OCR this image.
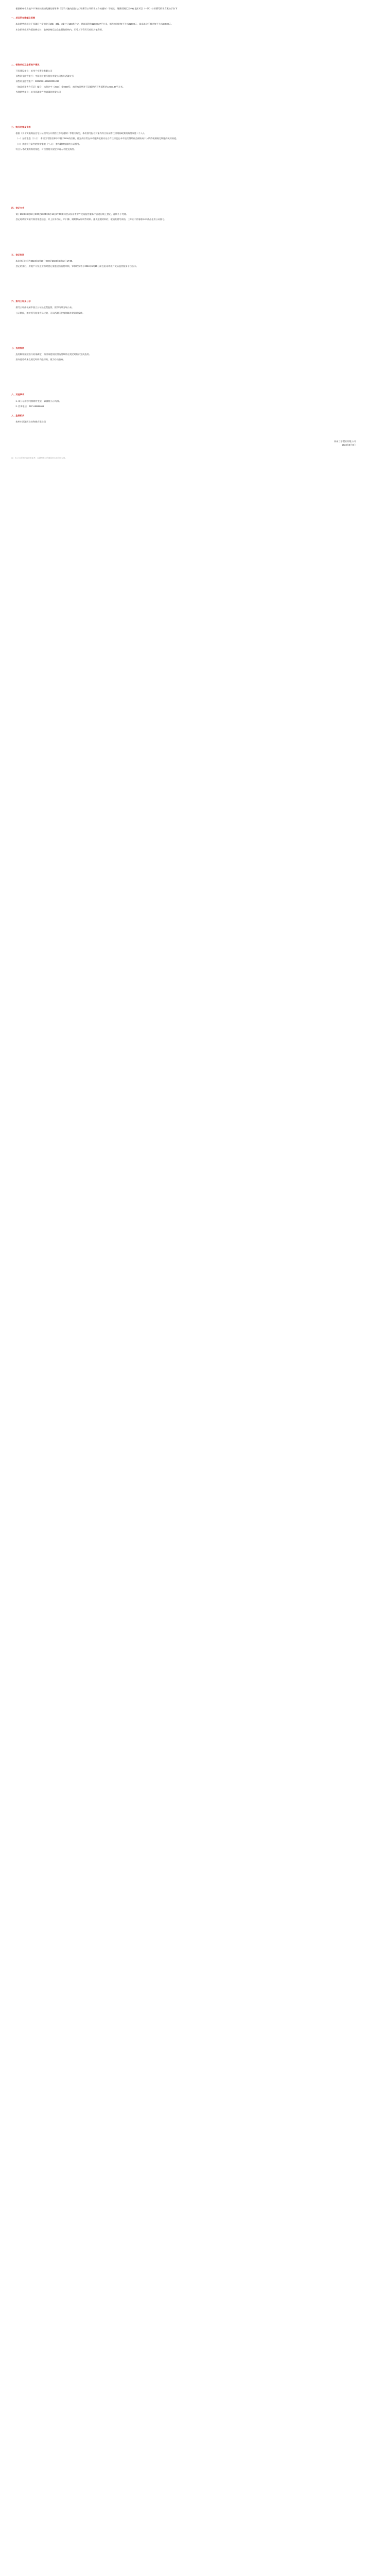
根据杭州市房地产市场持续健康发展的要求和《关于实施商品住宅公证摇号公开销售工作的通知》等规定，现将西湖区兰亭府北区项目（一期）公证摇号销售方案公示如下：

一、项目所在楼幢及范围

本次销售房源位于西湖区兰亭府北区2幢、3幢、4幢共计156套住宅，建筑面积约12600.37平方米，销售均价约每平方米32000元，最高单价不超过每平方米34500元。

本次销售房源为精装修交付，装修价格已包含在销售价格内，买受人不得另行收取其他费用。

二、销售单位及监管账户情况

开发建设单位：杭州兰亭置业有限公司

预售资金监管银行：中国建设银行股份有限公司杭州西湖支行

预售资金监管账户：33050161625200001234

《商品房预售许可证》编号：杭售许字（2024）第0358号，商品房预售许可证载明的可售面积约12600.37平方米。

代理销售单位：杭州西湖房产营销策划有限公司

三、购买对象及资格

根据《关于实施商品住宅公证摇号公开销售工作的通知》等相关规定，本次摇号报名对象为符合杭州市住房限购政策的购房家庭（个人）。

（一）无房家庭（个人）：本项目可售房源中不低于50%的房源，优先供应给在本市限购范围内无自有住房且在本市连续缴纳社会保险或个人所得税满规定期限的无房家庭。

（二）其他符合条件的购房家庭（个人）：参与剩余房源的公证摇号。

符合人才政策的购房家庭，可按照相关规定申请人才优先购房。

四、登记方式

请于2024年5月10日9:00至2024年5月12日17:00期间登录杭州市房产交易监管服务平台进行线上登记，逾期不予受理。

登记时请如实填写购房家庭信息，并上传身份证、户口簿、婚姻状况证明等材料。提供虚假材料的，取消其摇号资格，三年内不得参加本市商品住房公证摇号。

五、登记时间

本次登记时间为2024年5月10日9:00至2024年5月12日17:00。

登记结束后，房地产开发企业将对登记家庭进行资格审核，审核结果将于2024年5月15日前在杭州市房产交易监管服务平台公示。

六、摇号公证及公示

摇号公证由杭州市国立公证处全程监督，摇号结果当场公布。

公示期间，如对摇号结果有异议的，可向西湖区住房和城乡建设局反映。

七、选房规则

选房顺序按照摇号结果确定，购房家庭须按照选房顺序在规定时间内完成选房。

放弃选房或未在规定时间内选房的，视为自动放弃。

八、其他事项

1. 本公示所涉内容如有变更，以最终公示为准。

2. 咨询电话：0571-88886666

九、监督机关

杭州市西湖区住房和城乡建设局

杭州兰亭置业有限公司
2024年5月8日
注：本公示所载内容仅供参考，以最终签订的商品房买卖合同为准。
